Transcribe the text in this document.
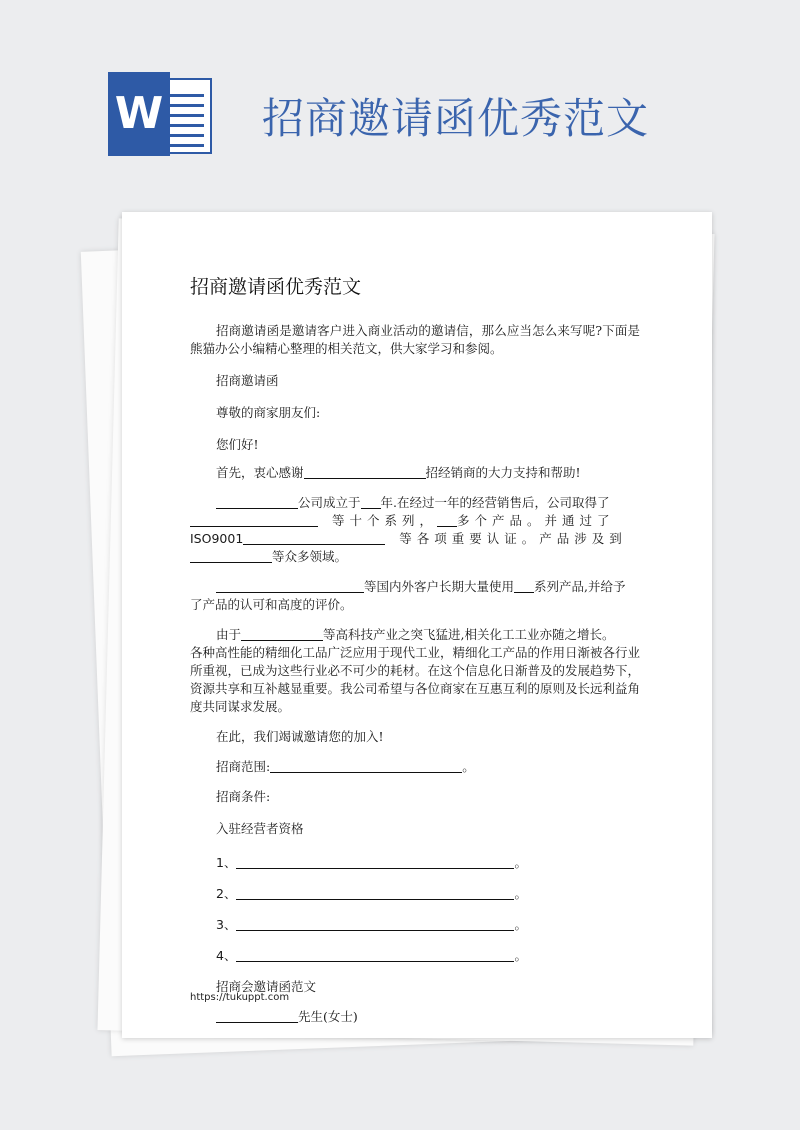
W 招商邀请函优秀范文
招商邀请函优秀范文
招商邀请函是邀请客户进入商业活动的邀请信，那么应当怎么来写呢?下面是熊猫办公小编精心整理的相关范文，供大家学习和参阅。
招商邀请函
尊敬的商家朋友们:
您们好!
首先，衷心感谢	招经销商的大力支持和帮助!
公司成立于 年.在经过一年的经营销售后，公司取得了
等十个系列， 多个产品。并通过了
ISO9001	等各项重要认证。产品涉及到
等众多领域。
等国内外客户长期大量使用 系列产品,并给予
了产品的认可和高度的评价。
由于	等高科技产业之突飞猛进,相关化工工业亦随之增长。
各种高性能的精细化工品广泛应用于现代工业，精细化工产品的作用日渐被各行业所重视，已成为这些行业必不可少的耗材。在这个信息化日渐普及的发展趋势下，资源共享和互补越显重要。我公司希望与各位商家在互惠互利的原则及长远利益角度共同谋求发展。
在此，我们竭诚邀请您的加入!
招商范围:	。
招商条件:
入驻经营者资格
1、	。
2、	。
3、	。
4、	。
招商会邀请函范文
先生(女士)
https://tukuppt.com
